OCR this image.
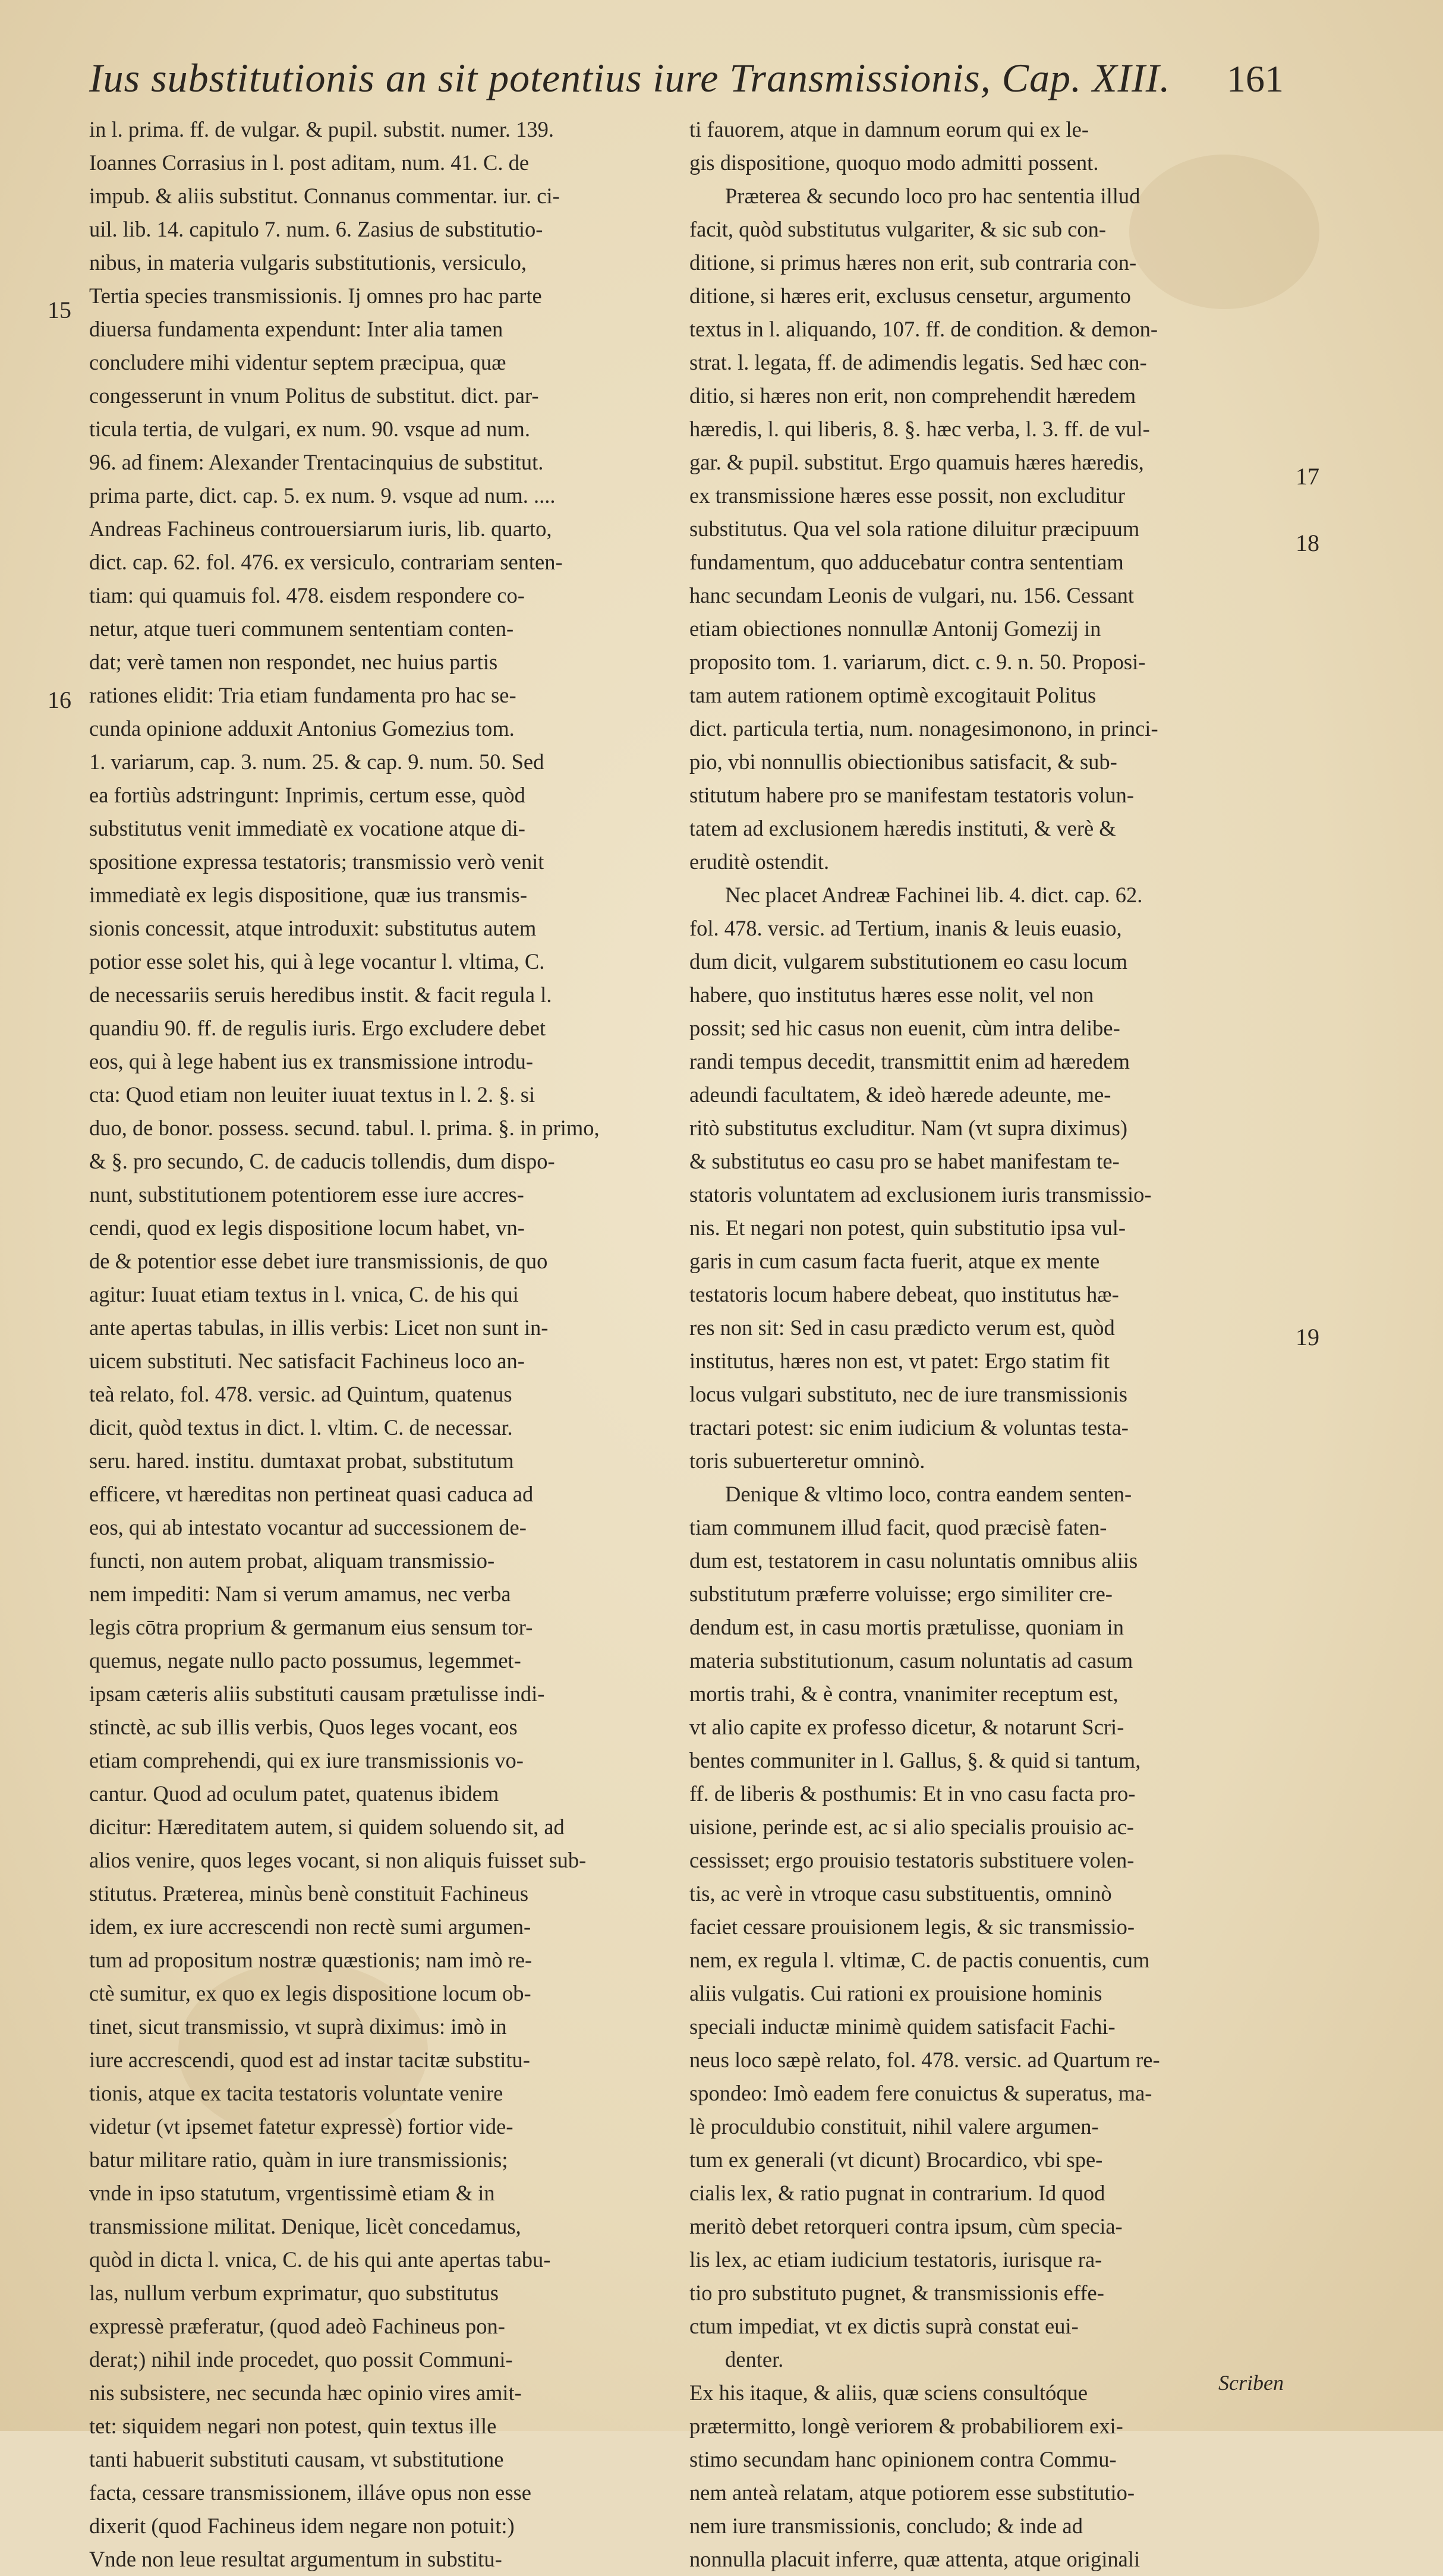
Ius substitutionis an sit potentius iure Transmissionis, Cap. XIII. 161
15
16
17
18
19
in l. prima. ff. de vulgar. & pupil. substit. numer. 139.
Ioannes Corrasius in l. post aditam, num. 41. C. de
impub. & aliis substitut. Connanus commentar. iur. ci-
uil. lib. 14. capitulo 7. num. 6. Zasius de substitutio-
nibus, in materia vulgaris substitutionis, versiculo,
Tertia species transmissionis. Ij omnes pro hac parte
diuersa fundamenta expendunt: Inter alia tamen
concludere mihi videntur septem præcipua, quæ
congesserunt in vnum Politus de substitut. dict. par-
ticula tertia, de vulgari, ex num. 90. vsque ad num.
96. ad finem: Alexander Trentacinquius de substitut.
prima parte, dict. cap. 5. ex num. 9. vsque ad num. ....
Andreas Fachineus controuersiarum iuris, lib. quarto,
dict. cap. 62. fol. 476. ex versiculo, contrariam senten-
tiam: qui quamuis fol. 478. eisdem respondere co-
netur, atque tueri communem sententiam conten-
dat; verè tamen non respondet, nec huius partis
rationes elidit: Tria etiam fundamenta pro hac se-
cunda opinione adduxit Antonius Gomezius tom.
1. variarum, cap. 3. num. 25. & cap. 9. num. 50. Sed
ea fortiùs adstringunt: Inprimis, certum esse, quòd
substitutus venit immediatè ex vocatione atque di-
spositione expressa testatoris; transmissio verò venit
immediatè ex legis dispositione, quæ ius transmis-
sionis concessit, atque introduxit: substitutus autem
potior esse solet his, qui à lege vocantur l. vltima, C.
de necessariis seruis heredibus instit. & facit regula l.
quandiu 90. ff. de regulis iuris. Ergo excludere debet
eos, qui à lege habent ius ex transmissione introdu-
cta: Quod etiam non leuiter iuuat textus in l. 2. §. si
duo, de bonor. possess. secund. tabul. l. prima. §. in primo,
& §. pro secundo, C. de caducis tollendis, dum dispo-
nunt, substitutionem potentiorem esse iure accres-
cendi, quod ex legis dispositione locum habet, vn-
de & potentior esse debet iure transmissionis, de quo
agitur: Iuuat etiam textus in l. vnica, C. de his qui
ante apertas tabulas, in illis verbis: Licet non sunt in-
uicem substituti. Nec satisfacit Fachineus loco an-
teà relato, fol. 478. versic. ad Quintum, quatenus
dicit, quòd textus in dict. l. vltim. C. de necessar.
seru. hared. institu. dumtaxat probat, substitutum
efficere, vt hæreditas non pertineat quasi caduca ad
eos, qui ab intestato vocantur ad successionem de-
functi, non autem probat, aliquam transmissio-
nem impediti: Nam si verum amamus, nec verba
legis cōtra proprium & germanum eius sensum tor-
quemus, negate nullo pacto possumus, legemmet-
ipsam cæteris aliis substituti causam prætulisse indi-
stinctè, ac sub illis verbis, Quos leges vocant, eos
etiam comprehendi, qui ex iure transmissionis vo-
cantur. Quod ad oculum patet, quatenus ibidem
dicitur: Hæreditatem autem, si quidem soluendo sit, ad
alios venire, quos leges vocant, si non aliquis fuisset sub-
stitutus. Præterea, minùs benè constituit Fachineus
idem, ex iure accrescendi non rectè sumi argumen-
tum ad propositum nostræ quæstionis; nam imò re-
ctè sumitur, ex quo ex legis dispositione locum ob-
tinet, sicut transmissio, vt suprà diximus: imò in
iure accrescendi, quod est ad instar tacitæ substitu-
tionis, atque ex tacita testatoris voluntate venire
videtur (vt ipsemet fatetur expressè) fortior vide-
batur militare ratio, quàm in iure transmissionis;
vnde in ipso statutum, vrgentissimè etiam & in
transmissione militat. Denique, licèt concedamus,
quòd in dicta l. vnica, C. de his qui ante apertas tabu-
las, nullum verbum exprimatur, quo substitutus
expressè præferatur, (quod adeò Fachineus pon-
derat;) nihil inde procedet, quo possit Communi-
nis subsistere, nec secunda hæc opinio vires amit-
tet: siquidem negari non potest, quin textus ille
tanti habuerit substituti causam, vt substitutione
facta, cessare transmissionem, illáve opus non esse
dixerit (quod Fachineus idem negare non potuit:)
Vnde non leue resultat argumentum in substitu-
ti fauorem, atque in damnum eorum qui ex le-
gis dispositione, quoquo modo admitti possent.
Præterea & secundo loco pro hac sententia illud
facit, quòd substitutus vulgariter, & sic sub con-
ditione, si primus hæres non erit, sub contraria con-
ditione, si hæres erit, exclusus censetur, argumento
textus in l. aliquando, 107. ff. de condition. & demon-
strat. l. legata, ff. de adimendis legatis. Sed hæc con-
ditio, si hæres non erit, non comprehendit hæredem
hæredis, l. qui liberis, 8. §. hæc verba, l. 3. ff. de vul-
gar. & pupil. substitut. Ergo quamuis hæres hæredis,
ex transmissione hæres esse possit, non excluditur
substitutus. Qua vel sola ratione diluitur præcipuum
fundamentum, quo adducebatur contra sententiam
hanc secundam Leonis de vulgari, nu. 156. Cessant
etiam obiectiones nonnullæ Antonij Gomezij in
proposito tom. 1. variarum, dict. c. 9. n. 50. Proposi-
tam autem rationem optimè excogitauit Politus
dict. particula tertia, num. nonagesimonono, in princi-
pio, vbi nonnullis obiectionibus satisfacit, & sub-
stitutum habere pro se manifestam testatoris volun-
tatem ad exclusionem hæredis instituti, & verè &
eruditè ostendit.
Nec placet Andreæ Fachinei lib. 4. dict. cap. 62.
fol. 478. versic. ad Tertium, inanis & leuis euasio,
dum dicit, vulgarem substitutionem eo casu locum
habere, quo institutus hæres esse nolit, vel non
possit; sed hic casus non euenit, cùm intra delibe-
randi tempus decedit, transmittit enim ad hæredem
adeundi facultatem, & ideò hærede adeunte, me-
ritò substitutus excluditur. Nam (vt supra diximus)
& substitutus eo casu pro se habet manifestam te-
statoris voluntatem ad exclusionem iuris transmissio-
nis. Et negari non potest, quin substitutio ipsa vul-
garis in cum casum facta fuerit, atque ex mente
testatoris locum habere debeat, quo institutus hæ-
res non sit: Sed in casu prædicto verum est, quòd
institutus, hæres non est, vt patet: Ergo statim fit
locus vulgari substituto, nec de iure transmissionis
tractari potest: sic enim iudicium & voluntas testa-
toris subuerteretur omninò.
Denique & vltimo loco, contra eandem senten-
tiam communem illud facit, quod præcisè faten-
dum est, testatorem in casu noluntatis omnibus aliis
substitutum præferre voluisse; ergo similiter cre-
dendum est, in casu mortis prætulisse, quoniam in
materia substitutionum, casum noluntatis ad casum
mortis trahi, & è contra, vnanimiter receptum est,
vt alio capite ex professo dicetur, & notarunt Scri-
bentes communiter in l. Gallus, §. & quid si tantum,
ff. de liberis & posthumis: Et in vno casu facta pro-
uisione, perinde est, ac si alio specialis prouisio ac-
cessisset; ergo prouisio testatoris substituere volen-
tis, ac verè in vtroque casu substituentis, omninò
faciet cessare prouisionem legis, & sic transmissio-
nem, ex regula l. vltimæ, C. de pactis conuentis, cum
aliis vulgatis. Cui rationi ex prouisione hominis
speciali inductæ minimè quidem satisfacit Fachi-
neus loco sæpè relato, fol. 478. versic. ad Quartum re-
spondeo: Imò eadem fere conuictus & superatus, ma-
lè proculdubio constituit, nihil valere argumen-
tum ex generali (vt dicunt) Brocardico, vbi spe-
cialis lex, & ratio pugnat in contrarium. Id quod
meritò debet retorqueri contra ipsum, cùm specia-
lis lex, ac etiam iudicium testatoris, iurisque ra-
tio pro substituto pugnet, & transmissionis effe-
ctum impediat, vt ex dictis suprà constat eui-
denter.
Ex his itaque, & aliis, quæ sciens consultóque
prætermitto, longè veriorem & probabiliorem exi-
stimo secundam hanc opinionem contra Commu-
nem anteà relatam, atque potiorem esse substitutio-
nem iure transmissionis, concludo; & inde ad
nonnulla placuit inferre, quæ attenta, atque originali
Scriben
